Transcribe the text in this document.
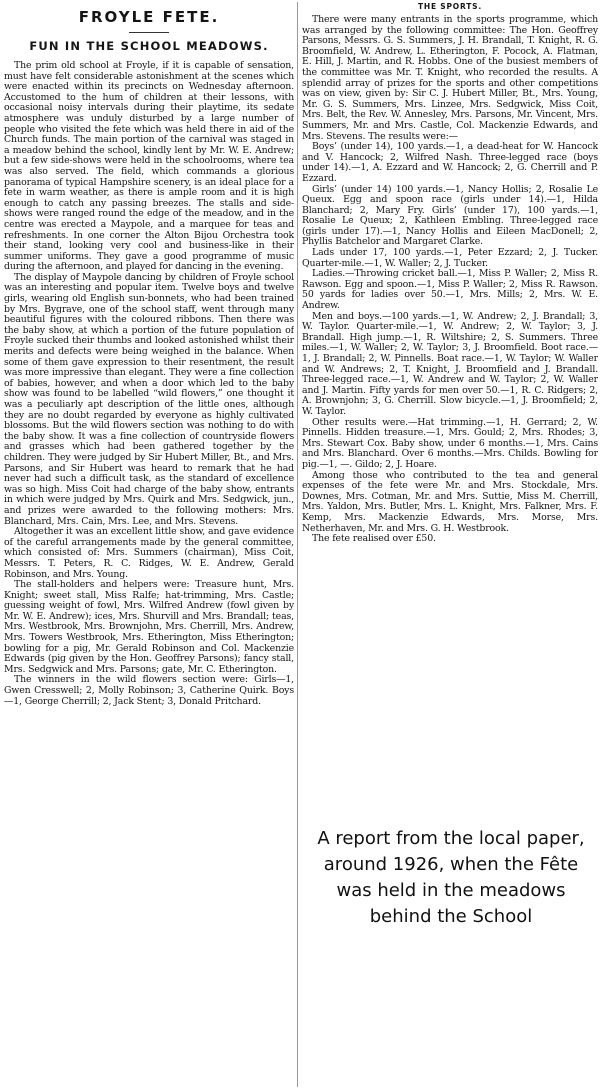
FROYLE FETE.
FUN IN THE SCHOOL MEADOWS.

The prim old school at Froyle, if it is capable of sensation, must have felt considerable astonishment at the scenes which were enacted within its precincts on Wednesday afternoon. Accustomed to the hum of children at their lessons, with occasional noisy intervals during their playtime, its sedate atmosphere was unduly disturbed by a large number of people who visited the fete which was held there in aid of the Church funds. The main portion of the carnival was staged in a meadow behind the school, kindly lent by Mr. W. E. Andrew; but a few side-shows were held in the schoolrooms, where tea was also served. The field, which commands a glorious panorama of typical Hampshire scenery, is an ideal place for a fete in warm weather, as there is ample room and it is high enough to catch any passing breezes. The stalls and side-shows were ranged round the edge of the meadow, and in the centre was erected a Maypole, and a marquee for teas and refreshments. In one corner the Alton Bijou Orchestra took their stand, looking very cool and business-like in their summer uniforms. They gave a good programme of music during the afternoon, and played for dancing in the evening.

The display of Maypole dancing by children of Froyle school was an interesting and popular item. Twelve boys and twelve girls, wearing old English sun-bonnets, who had been trained by Mrs. Bygrave, one of the school staff, went through many beautiful figures with the coloured ribbons. Then there was the baby show, at which a portion of the future population of Froyle sucked their thumbs and looked astonished whilst their merits and defects were being weighed in the balance. When some of them gave expression to their resentment, the result was more impressive than elegant. They were a fine collection of babies, however, and when a door which led to the baby show was found to be labelled “wild flowers,” one thought it was a peculiarly apt description of the little ones, although they are no doubt regarded by everyone as highly cultivated blossoms. But the wild flowers section was nothing to do with the baby show. It was a fine collection of countryside flowers and grasses which had been gathered together by the children. They were judged by Sir Hubert Miller, Bt., and Mrs. Parsons, and Sir Hubert was heard to remark that he had never had such a difficult task, as the standard of excellence was so high. Miss Coit had charge of the baby show, entrants in which were judged by Mrs. Quirk and Mrs. Sedgwick, jun., and prizes were awarded to the following mothers: Mrs. Blanchard, Mrs. Cain, Mrs. Lee, and Mrs. Stevens.

Altogether it was an excellent little show, and gave evidence of the careful arrangements made by the general committee, which consisted of: Mrs. Summers (chairman), Miss Coit, Messrs. T. Peters, R. C. Ridges, W. E. Andrew, Gerald Robinson, and Mrs. Young.

The stall-holders and helpers were: Treasure hunt, Mrs. Knight; sweet stall, Miss Ralfe; hat-trimming, Mrs. Castle; guessing weight of fowl, Mrs. Wilfred Andrew (fowl given by Mr. W. E. Andrew); ices, Mrs. Shurvill and Mrs. Brandall; teas, Mrs. Westbrook, Mrs. Brownjohn, Mrs. Cherrill, Mrs. Andrew, Mrs. Towers Westbrook, Mrs. Etherington, Miss Etherington; bowling for a pig, Mr. Gerald Robinson and Col. Mackenzie Edwards (pig given by the Hon. Geoffrey Parsons); fancy stall, Mrs. Sedgwick and Mrs. Parsons; gate, Mr. C. Etherington.

The winners in the wild flowers section were: Girls—1, Gwen Cresswell; 2, Molly Robinson; 3, Catherine Quirk. Boys—1, George Cherrill; 2, Jack Stent; 3, Donald Pritchard.

THE SPORTS.

There were many entrants in the sports programme, which was arranged by the following committee: The Hon. Geoffrey Parsons, Messrs. G. S. Summers, J. H. Brandall, T. Knight, R. G. Broomfield, W. Andrew, L. Etherington, F. Pocock, A. Flatman, E. Hill, J. Martin, and R. Hobbs. One of the busiest members of the committee was Mr. T. Knight, who recorded the results. A splendid array of prizes for the sports and other competitions was on view, given by: Sir C. J. Hubert Miller, Bt., Mrs. Young, Mr. G. S. Summers, Mrs. Linzee, Mrs. Sedgwick, Miss Coit, Mrs. Belt, the Rev. W. Annesley, Mrs. Parsons, Mr. Vincent, Mrs. Summers, Mr. and Mrs. Castle, Col. Mackenzie Edwards, and Mrs. Stevens. The results were:—

Boys’ (under 14), 100 yards.—1, a dead-heat for W. Hancock and V. Hancock; 2, Wilfred Nash. Three-legged race (boys under 14).—1, A. Ezzard and W. Hancock; 2, G. Cherrill and P. Ezzard.

Girls’ (under 14) 100 yards.—1, Nancy Hollis; 2, Rosalie Le Queux. Egg and spoon race (girls under 14).—1, Hilda Blanchard; 2, Mary Fry. Girls’ (under 17), 100 yards.—1, Rosalie Le Queux; 2, Kathleen Embling. Three-legged race (girls under 17).—1, Nancy Hollis and Eileen MacDonell; 2, Phyllis Batchelor and Margaret Clarke.

Lads under 17, 100 yards.—1, Peter Ezzard; 2, J. Tucker. Quarter-mile.—1, W. Waller; 2, J. Tucker.

Ladies.—Throwing cricket ball.—1, Miss P. Waller; 2, Miss R. Rawson. Egg and spoon.—1, Miss P. Waller; 2, Miss R. Rawson. 50 yards for ladies over 50.—1, Mrs. Mills; 2, Mrs. W. E. Andrew.

Men and boys.—100 yards.—1, W. Andrew; 2, J. Brandall; 3, W. Taylor. Quarter-mile.—1, W. Andrew; 2, W. Taylor; 3, J. Brandall. High jump.—1, R. Wiltshire; 2, S. Summers. Three miles.—1, W. Waller; 2, W. Taylor; 3, J. Broomfield. Boot race.—1, J. Brandall; 2, W. Pinnells. Boat race.—1, W. Taylor; W. Waller and W. Andrews; 2, T. Knight, J. Broomfield and J. Brandall. Three-legged race.—1, W. Andrew and W. Taylor; 2, W. Waller and J. Martin. Fifty yards for men over 50.—1, R. C. Ridgers; 2, A. Brownjohn; 3, G. Cherrill. Slow bicycle.—1, J. Broomfield; 2, W. Taylor.

Other results were.—Hat trimming.—1, H. Gerrard; 2, W. Pinnells. Hidden treasure.—1, Mrs. Gould; 2, Mrs. Rhodes; 3, Mrs. Stewart Cox. Baby show, under 6 months.—1, Mrs. Cains and Mrs. Blanchard. Over 6 months.—Mrs. Childs. Bowling for pig.—1, —. Gildo; 2, J. Hoare.

Among those who contributed to the tea and general expenses of the fete were Mr. and Mrs. Stockdale, Mrs. Downes, Mrs. Cotman, Mr. and Mrs. Suttie, Miss M. Cherrill, Mrs. Yaldon, Mrs. Butler, Mrs. L. Knight, Mrs. Falkner, Mrs. F. Kemp, Mrs. Mackenzie Edwards, Mrs. Morse, Mrs. Netherhaven, Mr. and Mrs. G. H. Westbrook.

The fete realised over £50.

A report from the local paper, around 1926, when the Fête was held in the meadows behind the School
